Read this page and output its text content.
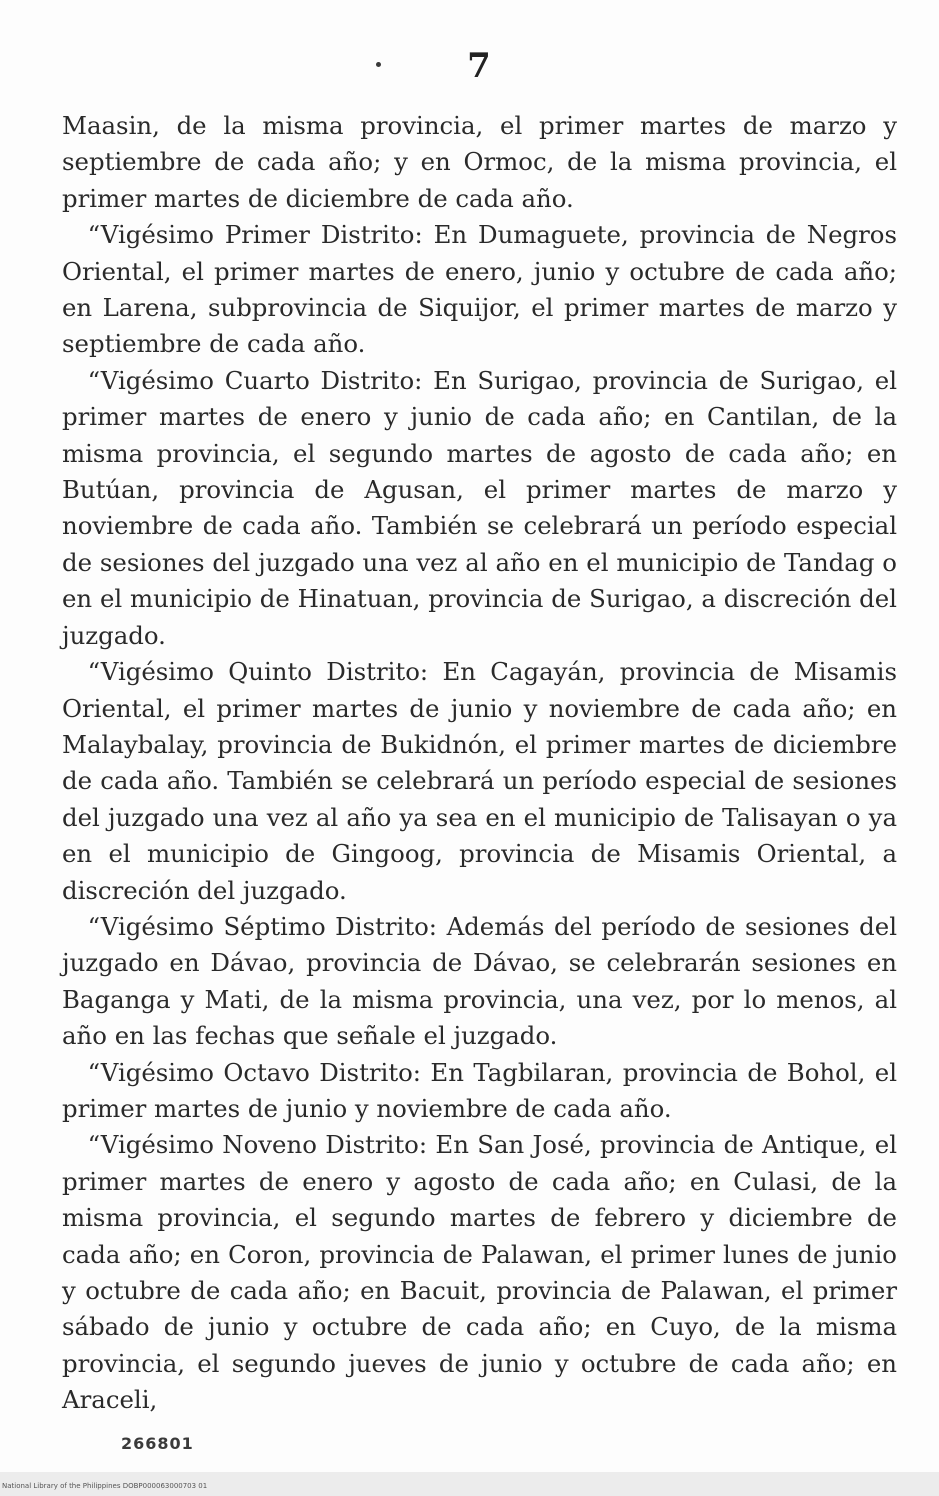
7

Maasin, de la misma provincia, el primer martes de marzo y septiembre de cada año; y en Ormoc, de la misma provincia, el primer martes de diciembre de cada año.

“Vigésimo Primer Distrito: En Dumaguete, provincia de Negros Oriental, el primer martes de enero, junio y octubre de cada año; en Larena, subprovincia de Siquijor, el primer martes de marzo y septiembre de cada año.

“Vigésimo Cuarto Distrito: En Surigao, provincia de Surigao, el primer martes de enero y junio de cada año; en Cantilan, de la misma provincia, el segundo martes de agosto de cada año; en Butúan, provincia de Agusan, el primer martes de marzo y noviembre de cada año. También se celebrará un período especial de sesiones del juzgado una vez al año en el municipio de Tandag o en el municipio de Hinatuan, provincia de Surigao, a discreción del juzgado.

“Vigésimo Quinto Distrito: En Cagayán, provincia de Misamis Oriental, el primer martes de junio y noviembre de cada año; en Malaybalay, provincia de Bukidnón, el primer martes de diciembre de cada año. También se celebrará un período especial de sesiones del juzgado una vez al año ya sea en el municipio de Talisayan o ya en el municipio de Gingoog, provincia de Misamis Oriental, a discreción del juzgado.

“Vigésimo Séptimo Distrito: Además del período de sesiones del juzgado en Dávao, provincia de Dávao, se celebrarán sesiones en Baganga y Mati, de la misma provincia, una vez, por lo menos, al año en las fechas que señale el juzgado.

“Vigésimo Octavo Distrito: En Tagbilaran, provincia de Bohol, el primer martes de junio y noviembre de cada año.

“Vigésimo Noveno Distrito: En San José, provincia de Antique, el primer martes de enero y agosto de cada año; en Culasi, de la misma provincia, el segundo martes de febrero y diciembre de cada año; en Coron, provincia de Palawan, el primer lunes de junio y octubre de cada año; en Bacuit, provincia de Palawan, el primer sábado de junio y octubre de cada año; en Cuyo, de la misma provincia, el segundo jueves de junio y octubre de cada año; en Araceli,

266801
National Library of the Philippines DOBP000063000703 01
